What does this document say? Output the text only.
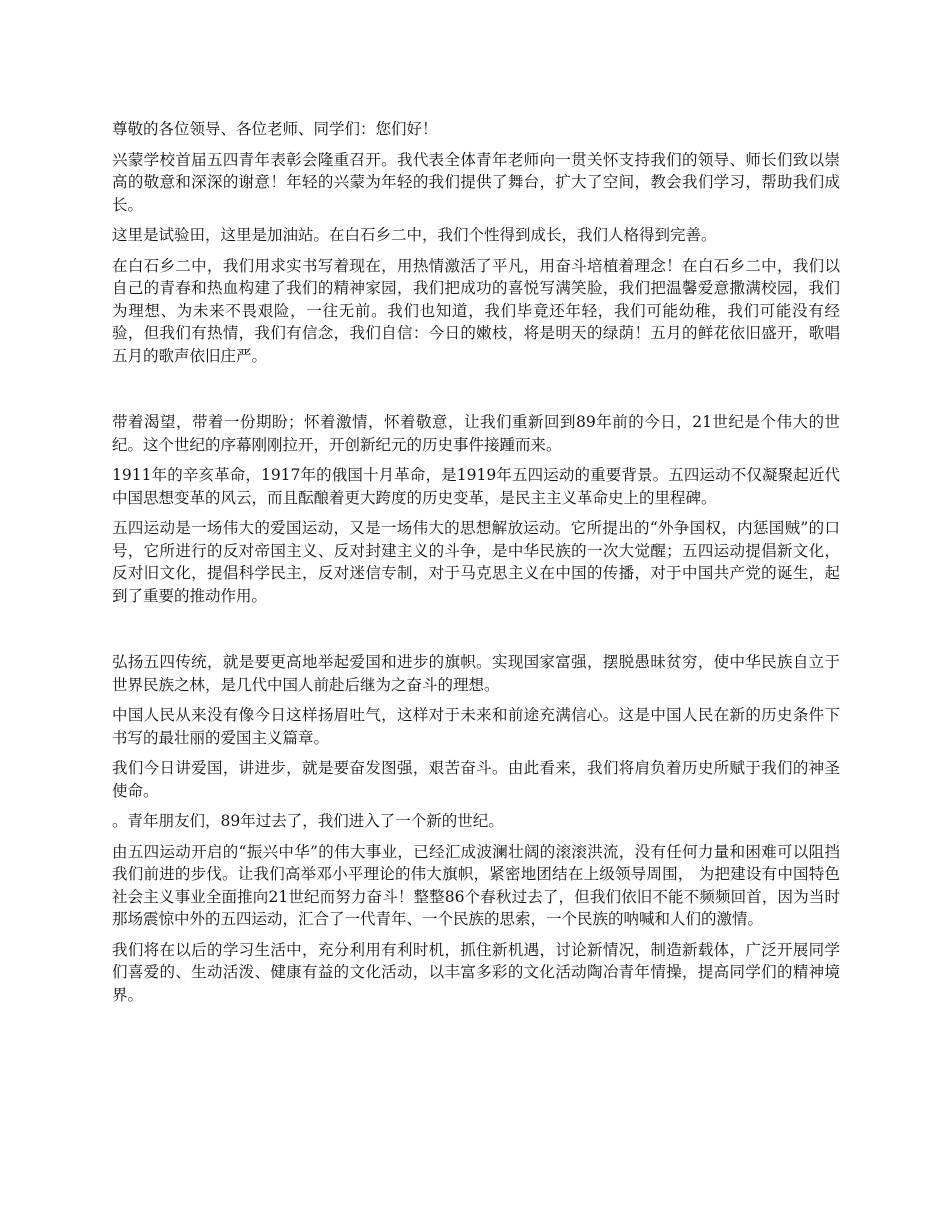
尊敬的各位领导、各位老师、同学们：您们好！

兴蒙学校首届五四青年表彰会隆重召开。我代表全体青年老师向一贯关怀支持我们的领导、师长们致以崇高的敬意和深深的谢意！年轻的兴蒙为年轻的我们提供了舞台，扩大了空间，教会我们学习，帮助我们成长。

这里是试验田，这里是加油站。在白石乡二中，我们个性得到成长，我们人格得到完善。

在白石乡二中，我们用求实书写着现在，用热情激活了平凡，用奋斗培植着理念！在白石乡二中，我们以自己的青春和热血构建了我们的精神家园，我们把成功的喜悦写满笑脸，我们把温馨爱意撒满校园，我们为理想、为未来不畏艰险，一往无前。我们也知道，我们毕竟还年轻，我们可能幼稚，我们可能没有经验，但我们有热情，我们有信念，我们自信：今日的嫩枝，将是明天的绿荫！五月的鲜花依旧盛开，歌唱五月的歌声依旧庄严。

带着渴望，带着一份期盼；怀着激情，怀着敬意，让我们重新回到89年前的今日，21世纪是个伟大的世纪。这个世纪的序幕刚刚拉开，开创新纪元的历史事件接踵而来。

1911年的辛亥革命，1917年的俄国十月革命，是1919年五四运动的重要背景。五四运动不仅凝聚起近代中国思想变革的风云，而且酝酿着更大跨度的历史变革，是民主主义革命史上的里程碑。

五四运动是一场伟大的爱国运动，又是一场伟大的思想解放运动。它所提出的“外争国权，内惩国贼”的口号，它所进行的反对帝国主义、反对封建主义的斗争，是中华民族的一次大觉醒；五四运动提倡新文化，反对旧文化，提倡科学民主，反对迷信专制，对于马克思主义在中国的传播，对于中国共产党的诞生，起到了重要的推动作用。

弘扬五四传统，就是要更高地举起爱国和进步的旗帜。实现国家富强，摆脱愚昧贫穷，使中华民族自立于世界民族之林，是几代中国人前赴后继为之奋斗的理想。

中国人民从来没有像今日这样扬眉吐气，这样对于未来和前途充满信心。这是中国人民在新的历史条件下书写的最壮丽的爱国主义篇章。

我们今日讲爱国，讲进步，就是要奋发图强，艰苦奋斗。由此看来，我们将肩负着历史所赋于我们的神圣使命。

。青年朋友们，89年过去了，我们进入了一个新的世纪。

由五四运动开启的“振兴中华”的伟大事业，已经汇成波澜壮阔的滚滚洪流，没有任何力量和困难可以阻挡我们前进的步伐。让我们高举邓小平理论的伟大旗帜，紧密地团结在上级领导周围， 为把建设有中国特色社会主义事业全面推向21世纪而努力奋斗！整整86个春秋过去了，但我们依旧不能不频频回首，因为当时那场震惊中外的五四运动，汇合了一代青年、一个民族的思索，一个民族的呐喊和人们的激情。

我们将在以后的学习生活中，充分利用有利时机，抓住新机遇，讨论新情况，制造新载体，广泛开展同学们喜爱的、生动活泼、健康有益的文化活动，以丰富多彩的文化活动陶冶青年情操，提高同学们的精神境界。
